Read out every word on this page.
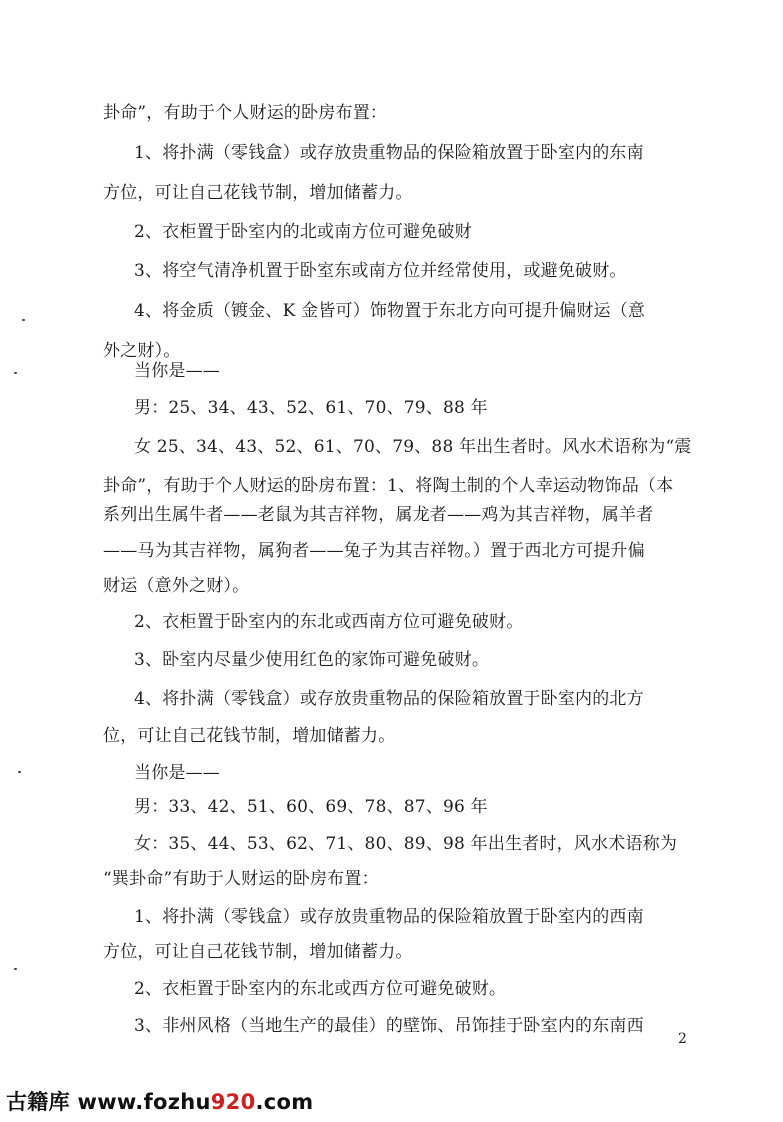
卦命”，有助于个人财运的卧房布置：
1、将扑满（零钱盒）或存放贵重物品的保险箱放置于卧室内的东南
方位，可让自己花钱节制，增加储蓄力。
2、衣柜置于卧室内的北或南方位可避免破财
3、将空气清净机置于卧室东或南方位并经常使用，或避免破财。
4、将金质（镀金、K 金皆可）饰物置于东北方向可提升偏财运（意
外之财）。
当你是——
男：25、34、43、52、61、70、79、88 年
女 25、34、43、52、61、70、79、88 年出生者时。风水术语称为“震
卦命”，有助于个人财运的卧房布置：1、将陶土制的个人幸运动物饰品（本
系列出生属牛者——老鼠为其吉祥物，属龙者——鸡为其吉祥物，属羊者
——马为其吉祥物，属狗者——兔子为其吉祥物。）置于西北方可提升偏
财运（意外之财）。
2、衣柜置于卧室内的东北或西南方位可避免破财。
3、卧室内尽量少使用红色的家饰可避免破财。
4、将扑满（零钱盒）或存放贵重物品的保险箱放置于卧室内的北方
位，可让自己花钱节制，增加储蓄力。
当你是——
男：33、42、51、60、69、78、87、96 年
女：35、44、53、62、71、80、89、98 年出生者时，风水术语称为
“巽卦命”有助于人财运的卧房布置：
1、将扑满（零钱盒）或存放贵重物品的保险箱放置于卧室内的西南
方位，可让自己花钱节制，增加储蓄力。
2、衣柜置于卧室内的东北或西方位可避免破财。
3、非州风格（当地生产的最佳）的壁饰、吊饰挂于卧室内的东南西
2
古籍库 www.fozhu920.com
